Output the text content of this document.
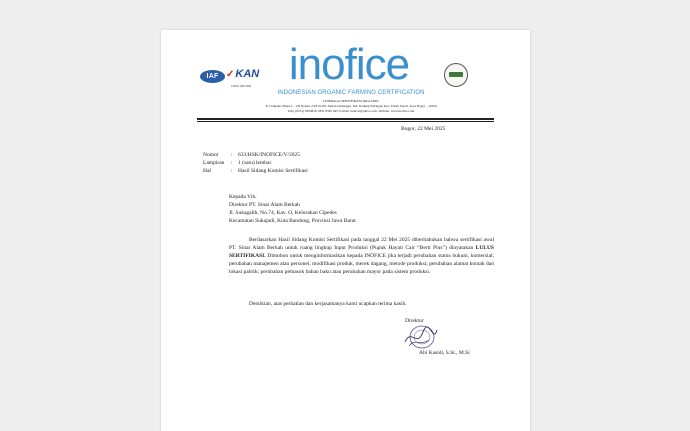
IAF ✓KAN
LSPO-030-IDN inofice
INDONESIAN ORGANIC FARMING CERTIFICATION
LEMBAGA SERTIFIKASI ORGANIK
Jl. Cempaka Hijau 2 – VII Nomor 2 RT 01/08, Taman Cimanggu, Kel. Kedung Waringin, Kec. Tanah Sareal, Kota Bogor – 16164
Telp. (0251) 8363818, 0811 8365 045, E-mail: inofice@yahoo.com, Website: www.inofice.com
Bogor, 22 Mei 2025
Nomor	: 633/HSK/INOFICE/V/2025
Lampiran	: 1 (satu) lembar
Hal	: Hasil Sidang Komisi Sertifikasi
Kepada Yth.
Direktur PT. Sinar Alam Berkah
Jl. Sukagalih, No.74, Kav. O, Kelurahan Cipedes
Kecamatan Sukajadi, Kota Bandung, Provinsi Jawa Barat
Berdasarkan Hasil Sidang Komisi Sertifikasi pada tanggal 22 Mei 2025 diberitahukan bahwa sertifikasi awal PT. Sinar Alam Berkah untuk ruang lingkup Input Produksi (Pupuk Hayati Cair “Berti Plus”) dinyatakan LULUS SERTIFIKASI. Dimohon untuk menginformasikan kepada INOFICE jika terjadi perubahan status hukum, komersial; perubahan manajemen atau personel, modifikasi produk, merek dagang, metode produksi; perubahan alamat kontak dan lokasi pabrik; perubahan pemasok bahan baku atau perubahan mayor pada sistem produksi.
Demikian, atas perhatian dan kerjasamanya kami ucapkan terima kasih.
Direktur
Ahi Kasidi, S.St., M.Si
